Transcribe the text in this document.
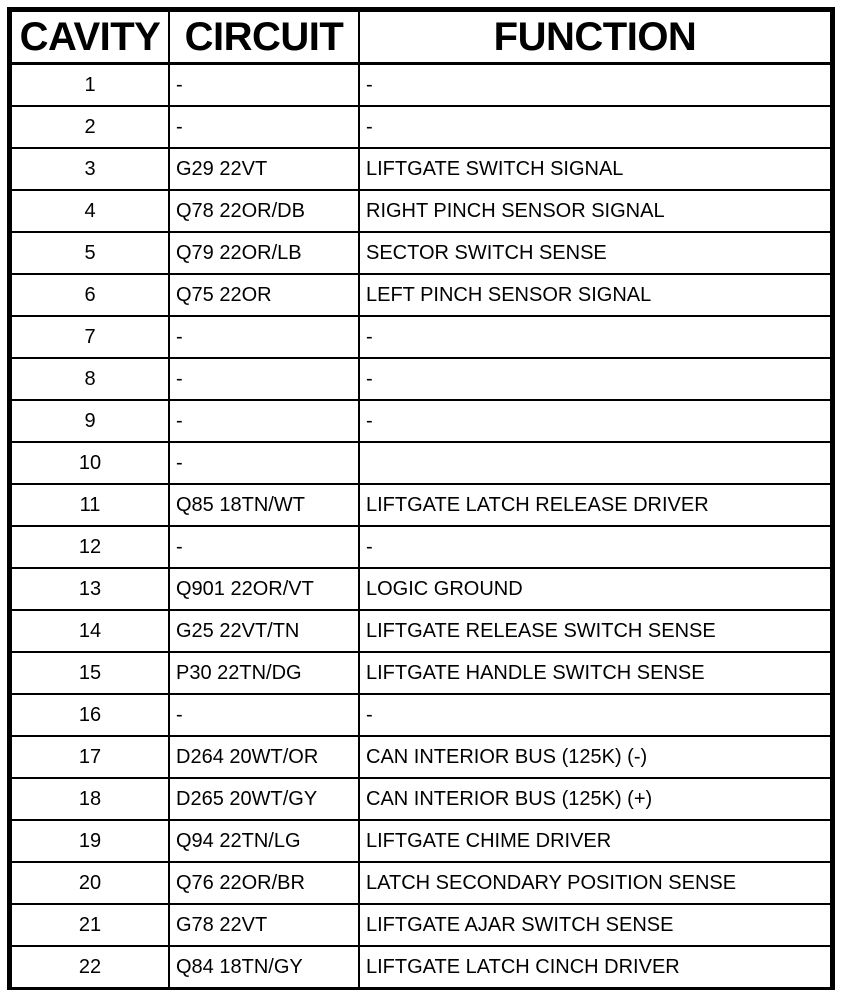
CAVITY	CIRCUIT	FUNCTION
1	-	-
2	-	-
3	G29 22VT	LIFTGATE SWITCH SIGNAL
4	Q78 22OR/DB	RIGHT PINCH SENSOR SIGNAL
5	Q79 22OR/LB	SECTOR SWITCH SENSE
6	Q75 22OR	LEFT PINCH SENSOR SIGNAL
7	-	-
8	-	-
9	-	-
10	-	
11	Q85 18TN/WT	LIFTGATE LATCH RELEASE DRIVER
12	-	-
13	Q901 22OR/VT	LOGIC GROUND
14	G25 22VT/TN	LIFTGATE RELEASE SWITCH SENSE
15	P30 22TN/DG	LIFTGATE HANDLE SWITCH SENSE
16	-	-
17	D264 20WT/OR	CAN INTERIOR BUS (125K) (-)
18	D265 20WT/GY	CAN INTERIOR BUS (125K) (+)
19	Q94 22TN/LG	LIFTGATE CHIME DRIVER
20	Q76 22OR/BR	LATCH SECONDARY POSITION SENSE
21	G78 22VT	LIFTGATE AJAR SWITCH SENSE
22	Q84 18TN/GY	LIFTGATE LATCH CINCH DRIVER
